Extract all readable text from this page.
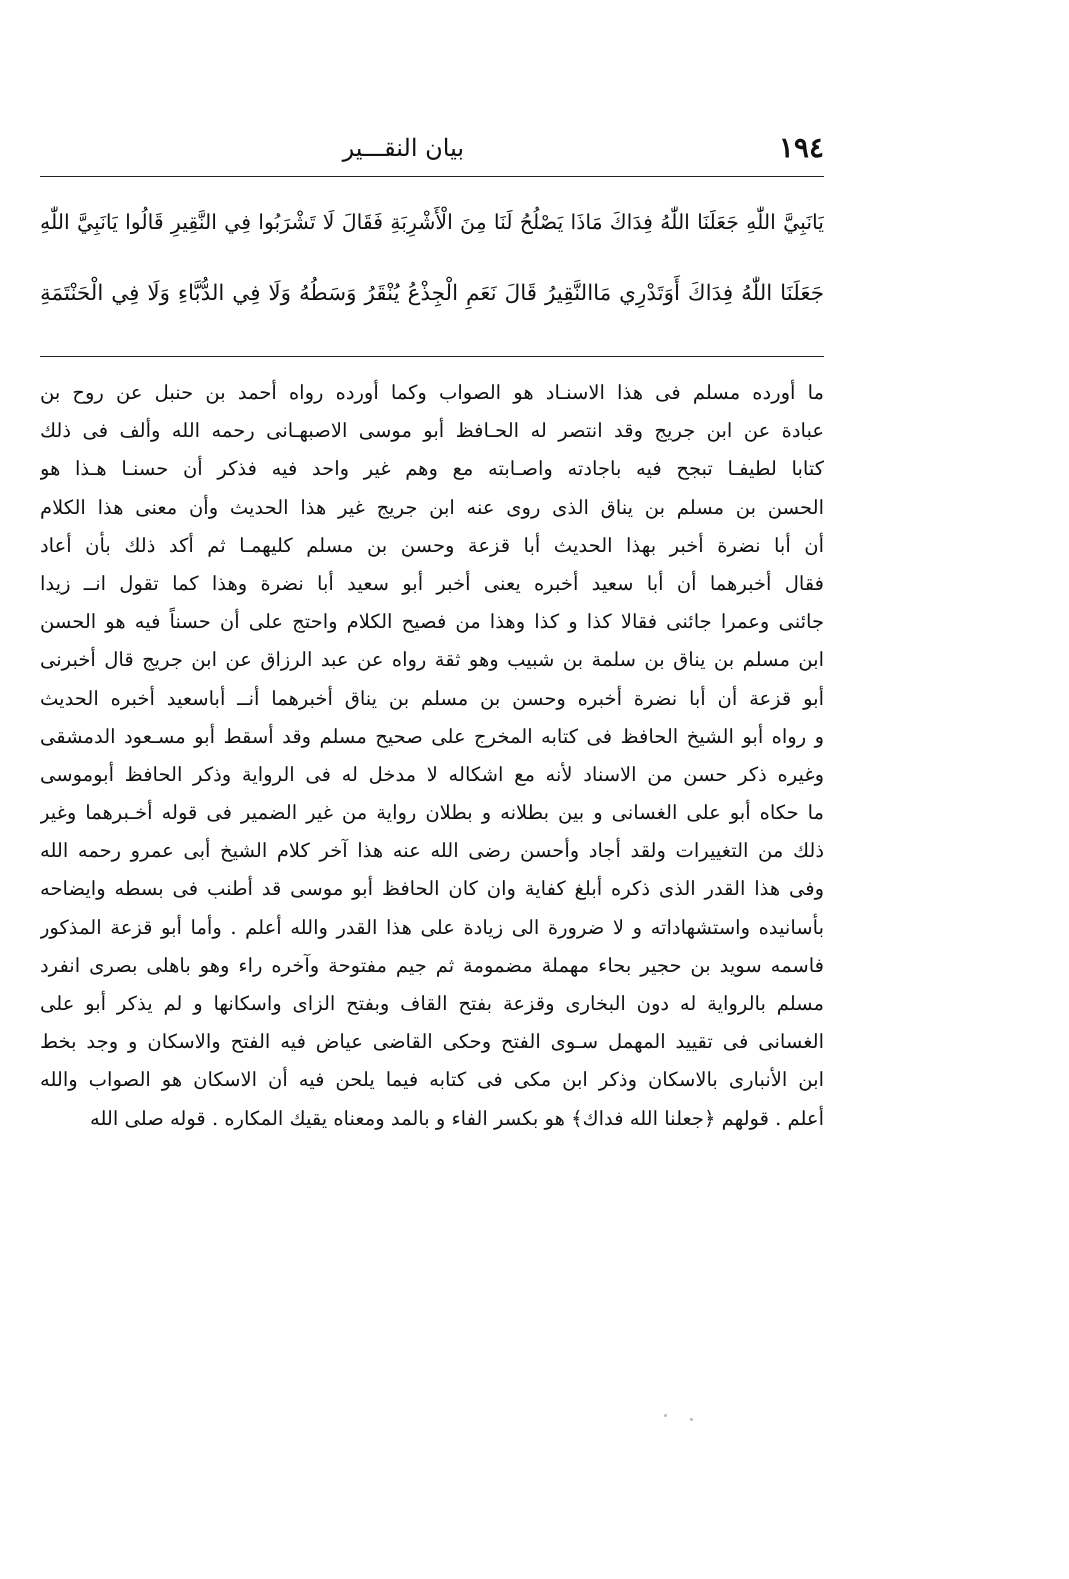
١٩٤
بيان النقـــير
يَانَبِيَّ اللّٰهِ جَعَلَنَا اللّٰهُ فِدَاكَ مَاذَا يَصْلُحُ لَنَا مِنَ الْأَشْرِبَةِ فَقَالَ لَا تَشْرَبُوا فِي النَّقِيرِ قَالُوا يَانَبِيَّ اللّٰهِ
جَعَلَنَا اللّٰهُ فِدَاكَ أَوَتَدْرِي مَاالنَّقِيرُ قَالَ نَعَمِ الْجِذْعُ يُنْقَرُ وَسَطُهُ وَلَا فِي الدُّبَّاءِ وَلَا فِي الْحَنْتَمَةِ
ما أورده مسلم فى هذا الاسنـاد هو الصواب وكما أورده رواه أحمد بن حنبل عن روح بن
عبادة عن ابن جريج وقد انتصر له الحـافظ أبو موسى الاصبهـانى رحمه الله وألف فى ذلك
كتابا لطيفـا تبجح فيه باجادته واصـابته مع وهم غير واحد فيه فذكر أن حسنـا هـذا هو
الحسن بن مسلم بن يناق الذى روى عنه ابن جريج غير هذا الحديث وأن معنى هذا الكلام
أن أبا نضرة أخبر بهذا الحديث أبا قزعة وحسن بن مسلم كليهمـا ثم أكد ذلك بأن أعاد
فقال أخبرهما أن أبا سعيد أخبره يعنى أخبر أبو سعيد أبا نضرة وهذا كما تقول انــ زيدا
جائنى وعمرا جائنى فقالا كذا و كذا وهذا من فصيح الكلام واحتج على أن حسناً فيه هو الحسن
ابن مسلم بن يناق بن سلمة بن شبيب وهو ثقة رواه عن عبد الرزاق عن ابن جريج قال أخبرنى
أبو قزعة أن أبا نضرة أخبره وحسن بن مسلم بن يناق أخبرهما أنــ أباسعيد أخبره الحديث
و رواه أبو الشيخ الحافظ فى كتابه المخرج على صحيح مسلم وقد أسقط أبو مسـعود الدمشقى
وغيره ذكر حسن من الاسناد لأنه مع اشكاله لا مدخل له فى الرواية وذكر الحافظ أبوموسى
ما حكاه أبو على الغسانى و بين بطلانه و بطلان رواية من غير الضمير فى قوله أخـبرهما وغير
ذلك من التغييرات ولقد أجاد وأحسن رضى الله عنه هذا آخر كلام الشيخ أبى عمرو رحمه الله
وفى هذا القدر الذى ذكره أبلغ كفاية وان كان الحافظ أبو موسى قد أطنب فى بسطه وايضاحه
بأسانيده واستشهاداته و لا ضرورة الى زيادة على هذا القدر والله أعلم . وأما أبو قزعة المذكور
فاسمه سويد بن حجير بحاء مهملة مضمومة ثم جيم مفتوحة وآخره راء وهو باهلى بصرى انفرد
مسلم بالرواية له دون البخارى وقزعة بفتح القاف وبفتح الزاى واسكانها و لم يذكر أبو على
الغسانى فى تقييد المهمل سـوى الفتح وحكى القاضى عياض فيه الفتح والاسكان و وجد بخط
ابن الأنبارى بالاسكان وذكر ابن مكى فى كتابه فيما يلحن فيه أن الاسكان هو الصواب والله
أعلم . قولهم ﴿جعلنا الله فداك﴾ هو بكسر الفاء و بالمد ومعناه يقيك المكاره . قوله صلى الله
